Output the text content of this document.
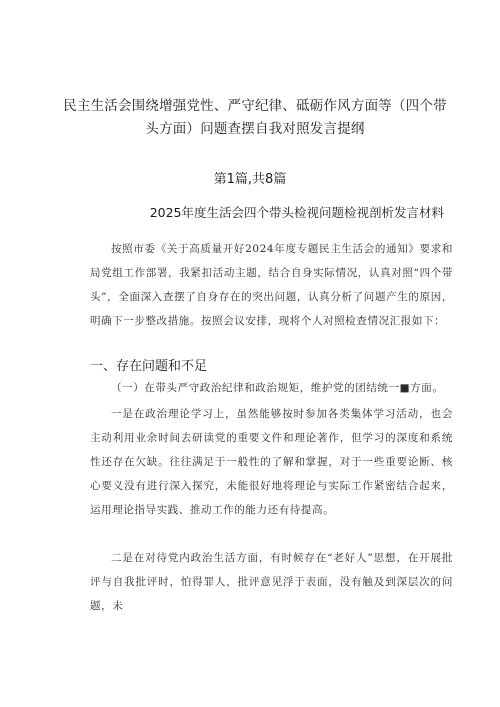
民主生活会围绕增强党性、严守纪律、砥砺作风方面等（四个带头方面）问题查摆自我对照发言提纲
第1篇,共8篇
2025年度生活会四个带头检视问题检视剖析发言材料

按照市委《关于高质量开好2024年度专题民主生活会的通知》要求和局党组工作部署，我紧扣活动主题，结合自身实际情况，认真对照“四个带头”，全面深入查摆了自身存在的突出问题，认真分析了问题产生的原因，明确下一步整改措施。按照会议安排，现将个人对照检查情况汇报如下：

一、存在问题和不足
（一）在带头严守政治纪律和政治规矩，维护党的团结统一■方面。

一是在政治理论学习上，虽然能够按时参加各类集体学习活动，也会主动利用业余时间去研读党的重要文件和理论著作，但学习的深度和系统性还存在欠缺。往往满足于一般性的了解和掌握，对于一些重要论断、核心要义没有进行深入探究，未能很好地将理论与实际工作紧密结合起来，运用理论指导实践、推动工作的能力还有待提高。

二是在对待党内政治生活方面，有时候存在“老好人”思想，在开展批评与自我批评时，怕得罪人，批评意见浮于表面，没有触及到深层次的问题，未
